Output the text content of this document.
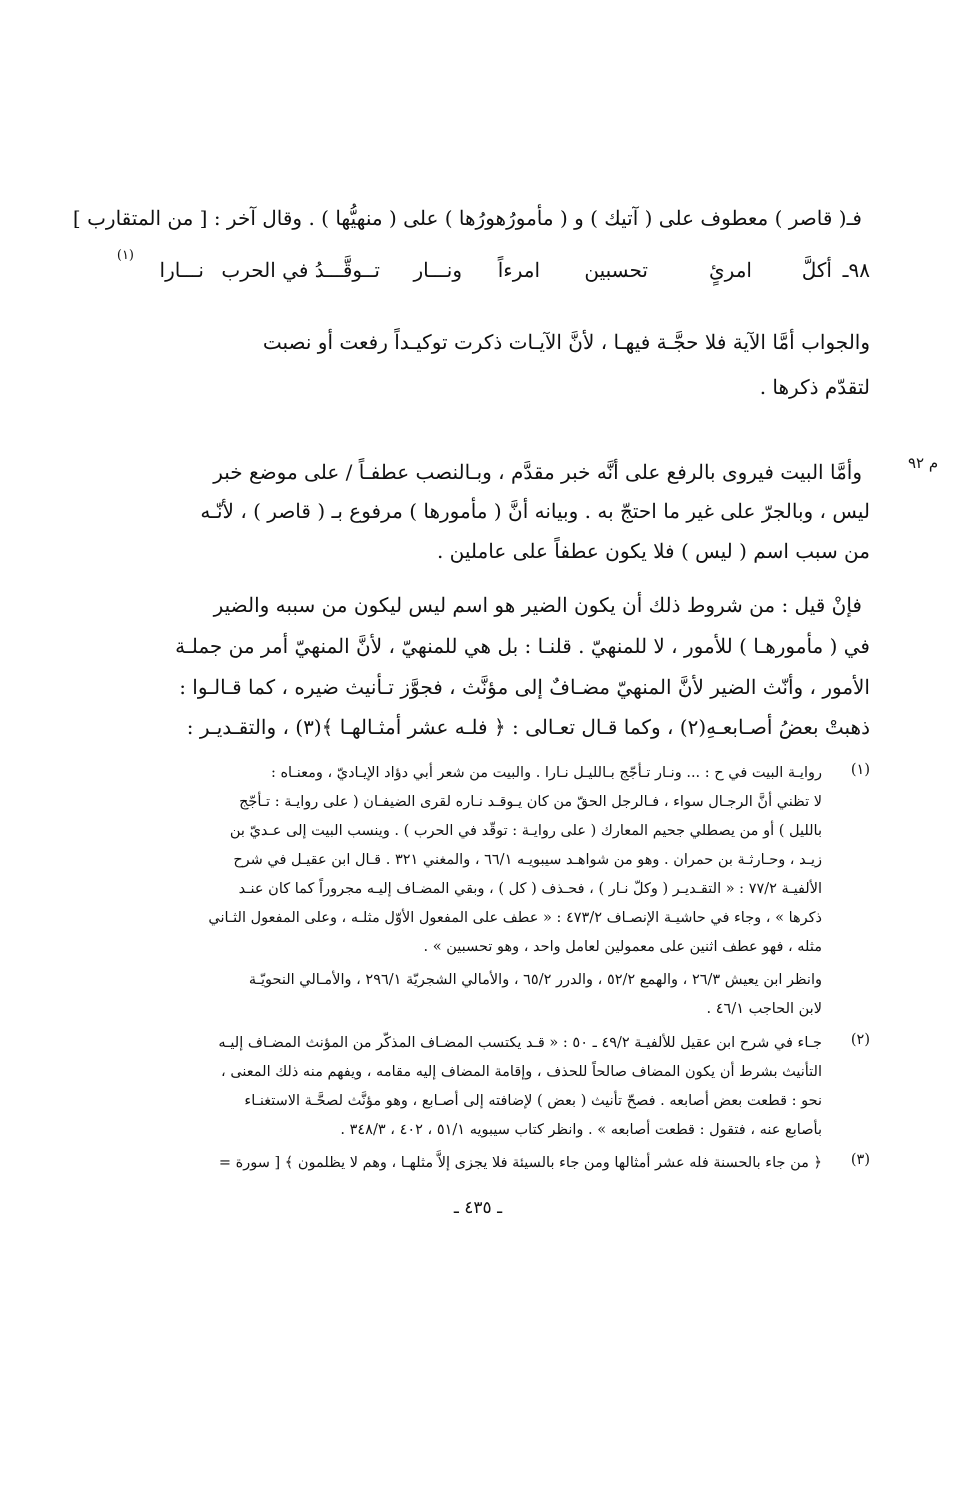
فـ( قاصر ) معطوف على ( آتيك ) و ( مأمورُهورُها ) على ( منهيُّها ) . وقال آخر : [ من المتقارب ]
٩٨ـ
أكلَّ
امرئٍ
تحسبين
امرءاً
ونـــار
تــوقَّـــدُ في الحرب
نـــارا
(١)
والجواب أمَّا الآية فلا حجَّـة فيهـا ، لأنَّ الآيـات ذكرت توكيـداً رفعت أو نصبت
لتقدّم ذكرها .
م ٩٢
وأمَّا البيت فيروى بالرفع على أنَّه خبر مقدَّم ، وبـالنصب عطفـاً / على موضع خبر
ليس ، وبالجرّ على غير ما احتجّ به . وبيانه أنَّ ( مأمورها ) مرفوع بـ ( قاصر ) ، لأنّـه
من سبب اسم ( ليس ) فلا يكون عطفاً على عاملين .
فإنْ قيل : من شروط ذلك أن يكون الضير هو اسم ليس ليكون من سببه والضير
في ( مأمورهـا ) للأمور ، لا للمنهيّ . قلنـا : بل هي للمنهيّ ، لأنَّ المنهيّ أمر من جملـة
الأمور ، وأنّث الضير لأنَّ المنهيّ مضـافٌ إلى مؤنَّث ، فجوَّز تـأنيث ضيره ، كما قـالـوا :
ذهبتْ بعضُ أصـابعـهِ(٢) ، وكما قـال تعـالى : ﴿ فلـه عشر أمثـالهـا ﴾(٣) ، والتقـديـر :
(١)
روايـة البيت في ح : ... ونـار تـأجّج بـالليـل نـارا . والبيت من شعر أبي دؤاد الإيـاديّ ، ومعنـاه :
لا تظني أنَّ الرجـال سواء ، فـالرجل الحقّ من كان يـوقـد نـاره لقرى الضيفـان ( على روايـة : تـأجّج
بالليل ) أو من يصطلي جحيم المعارك ( على روايـة : توقّد في الحرب ) . وينسب البيت إلى عـديّ بن
زيـد ، وحـارثـة بن حمران . وهو من شواهـد سيبويـه ٦٦/١ ، والمغني ٣٢١ . قـال ابن عقيـل في شرح
الألفيـة ٧٧/٢ : « التقـديـر ( وكلّ نـار ) ، فحـذف ( كل ) ، وبقي المضـاف إليـه مجروراً كما كان عنـد
ذكرها » ، وجاء في حاشيـة الإنصـاف ٤٧٣/٢ : « عطف على المفعول الأوّل مثلـه ، وعلى المفعول الثـاني
مثله ، فهو عطف اثنين على معمولين لعامل واحد ، وهو تحسبين » .
وانظر ابن يعيش ٢٦/٣ ، والهمع ٥٢/٢ ، والدرر ٦٥/٢ ، والأمالي الشجريّة ٢٩٦/١ ، والأمـالي النحويّـة
لابن الحاجب ٤٦/١ .
(٢)
جـاء في شرح ابن عقيل للألفيـة ٤٩/٢ ـ ٥٠ : « قـد يكتسب المضـاف المذكّر من المؤنث المضـاف إليـه
التأنيث بشرط أن يكون المضاف صالحاً للحذف ، وإقامة المضاف إليه مقامه ، ويفهم منه ذلك المعنى ،
نحو : قطعت بعض أصابعه . فصحّ تأنيث ( بعض ) لإضافته إلى أصـابع ، وهو مؤنَّث لصحَّـة الاستغنـاء
بأصابع عنه ، فتقول : قطعت أصابعه » . وانظر كتاب سيبويه ٥١/١ ، ٤٠٢ ، ٣٤٨/٣ .
(٣)
﴿ من جاء بالحسنة فله عشر أمثالها ومن جاء بالسيئة فلا يجزى إلاَّ مثلهـا ، وهم لا يظلمون ﴾ [ سورة =
ـ ٤٣٥ ـ
